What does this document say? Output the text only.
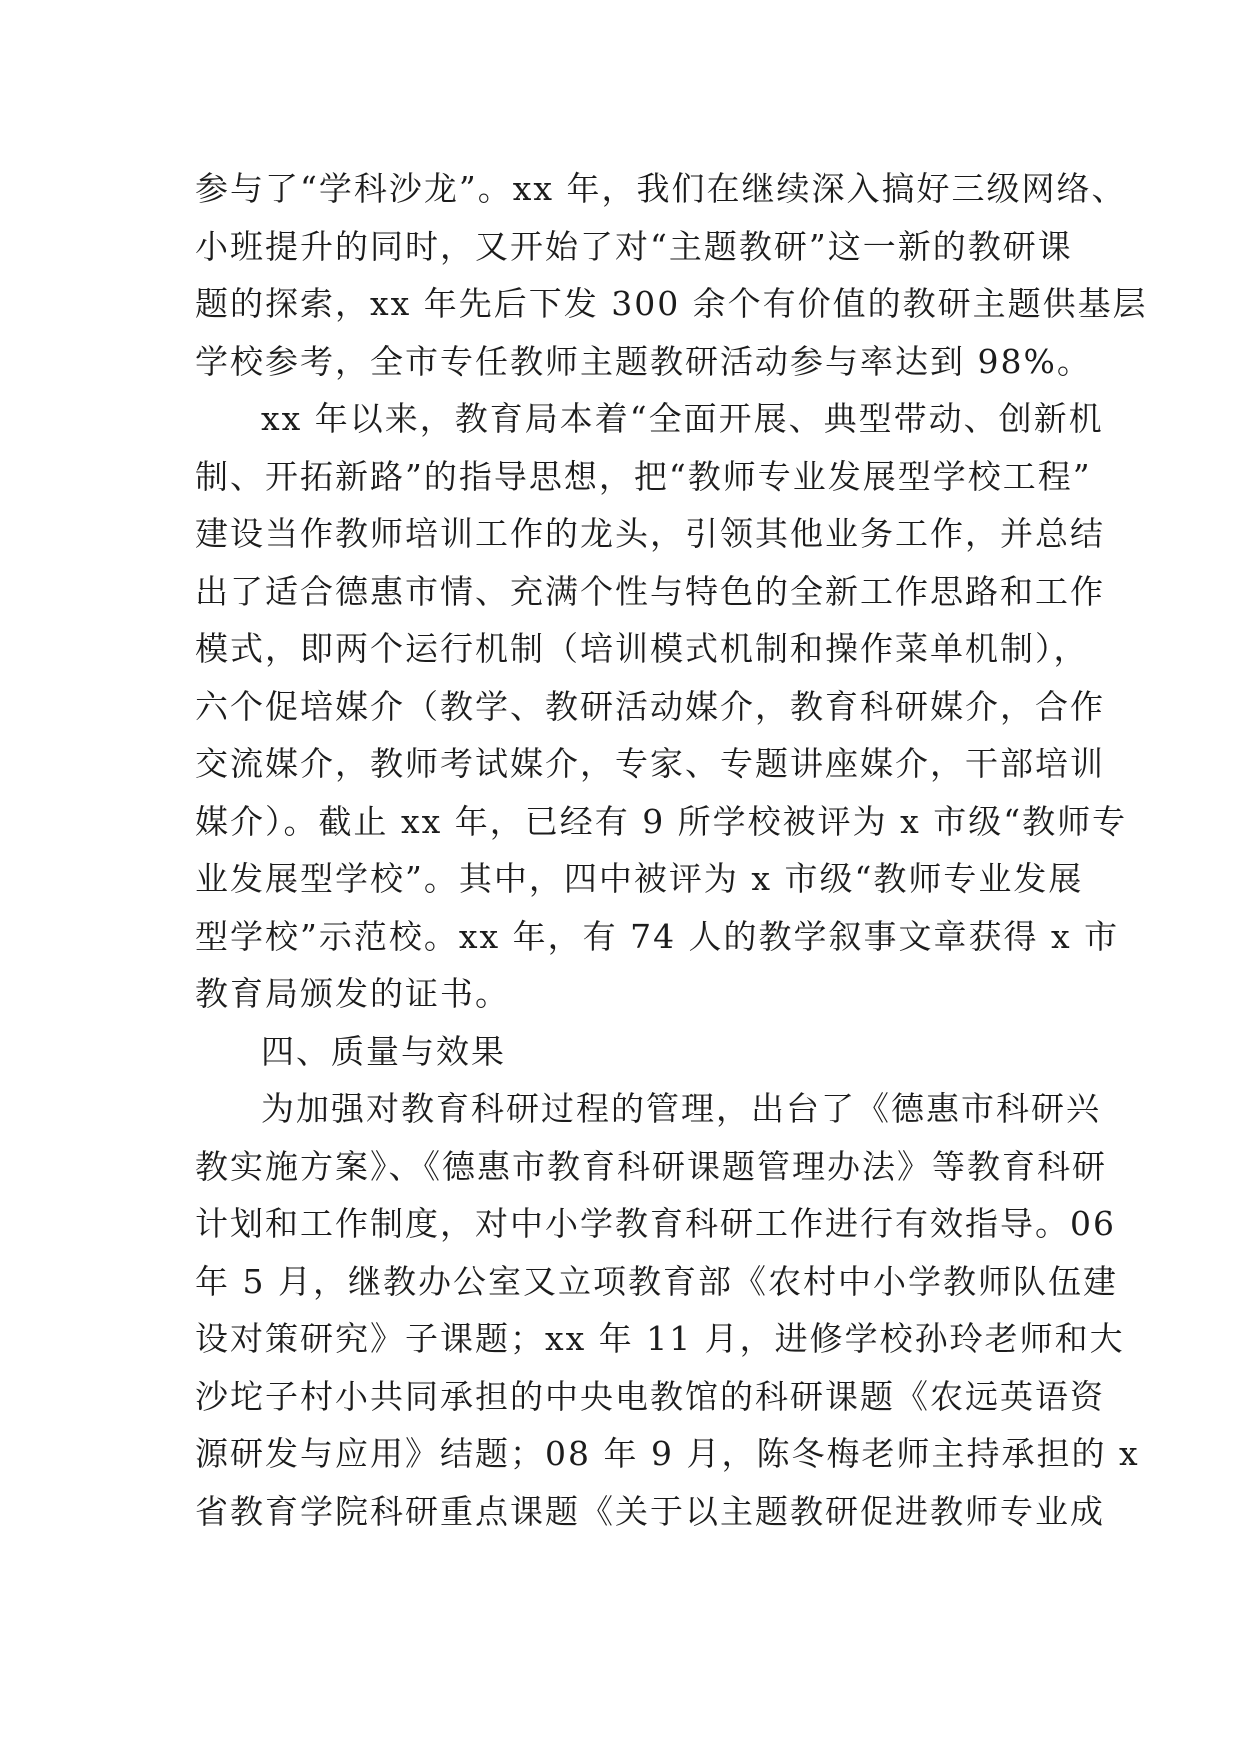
参与了“学科沙龙”。xx 年，我们在继续深入搞好三级网络、
小班提升的同时，又开始了对“主题教研”这一新的教研课
题的探索，xx 年先后下发 300 余个有价值的教研主题供基层
学校参考，全市专任教师主题教研活动参与率达到 98%。
xx 年以来，教育局本着“全面开展、典型带动、创新机
制、开拓新路”的指导思想，把“教师专业发展型学校工程”
建设当作教师培训工作的龙头，引领其他业务工作，并总结
出了适合德惠市情、充满个性与特色的全新工作思路和工作
模式，即两个运行机制（培训模式机制和操作菜单机制），
六个促培媒介（教学、教研活动媒介，教育科研媒介，合作
交流媒介，教师考试媒介，专家、专题讲座媒介，干部培训
媒介）。截止 xx 年，已经有 9 所学校被评为 x 市级“教师专
业发展型学校”。其中，四中被评为 x 市级“教师专业发展
型学校”示范校。xx 年，有 74 人的教学叙事文章获得 x 市
教育局颁发的证书。
四、质量与效果
为加强对教育科研过程的管理，出台了《德惠市科研兴
教实施方案》、《德惠市教育科研课题管理办法》等教育科研
计划和工作制度，对中小学教育科研工作进行有效指导。06
年 5 月，继教办公室又立项教育部《农村中小学教师队伍建
设对策研究》子课题；xx 年 11 月，进修学校孙玲老师和大
沙坨子村小共同承担的中央电教馆的科研课题《农远英语资
源研发与应用》结题；08 年 9 月，陈冬梅老师主持承担的 x
省教育学院科研重点课题《关于以主题教研促进教师专业成
